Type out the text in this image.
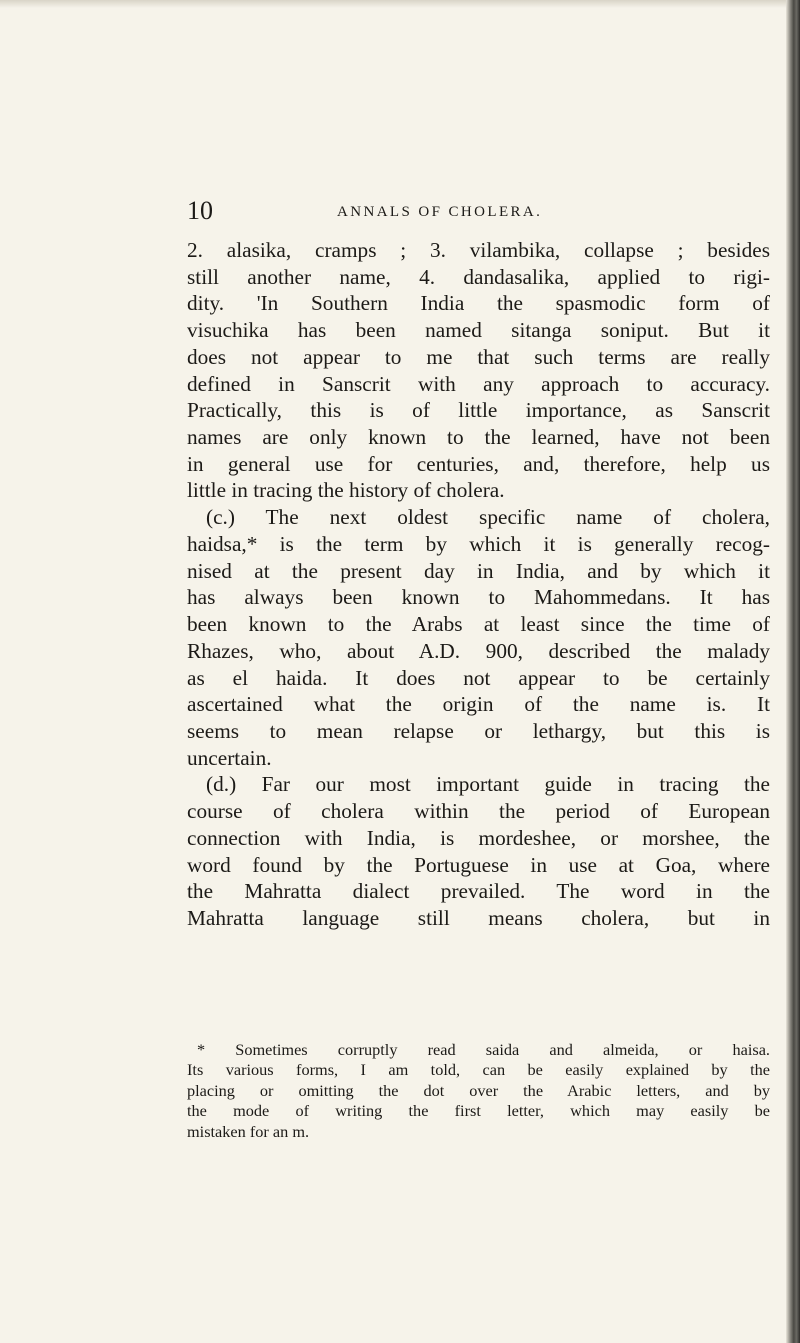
10	ANNALS OF CHOLERA.
2. alasika, cramps ; 3. vilambika, collapse ; besides
still another name, 4. dandasalika, applied to rigi-
dity. 'In Southern India the spasmodic form of
visuchika has been named sitanga soniput. But it
does not appear to me that such terms are really
defined in Sanscrit with any approach to accuracy.
Practically, this is of little importance, as Sanscrit
names are only known to the learned, have not been
in general use for centuries, and, therefore, help us
little in tracing the history of cholera.
(c.) The next oldest specific name of cholera,
haidsa,* is the term by which it is generally recog-
nised at the present day in India, and by which it
has always been known to Mahommedans. It has
been known to the Arabs at least since the time of
Rhazes, who, about A.D. 900, described the malady
as el haida. It does not appear to be certainly
ascertained what the origin of the name is. It
seems to mean relapse or lethargy, but this is
uncertain.
(d.) Far our most important guide in tracing the
course of cholera within the period of European
connection with India, is mordeshee, or morshee, the
word found by the Portuguese in use at Goa, where
the Mahratta dialect prevailed. The word in the
Mahratta language still means cholera, but in
* Sometimes corruptly read saida and almeida, or haisa.
Its various forms, I am told, can be easily explained by the
placing or omitting the dot over the Arabic letters, and by
the mode of writing the first letter, which may easily be
mistaken for an m.
